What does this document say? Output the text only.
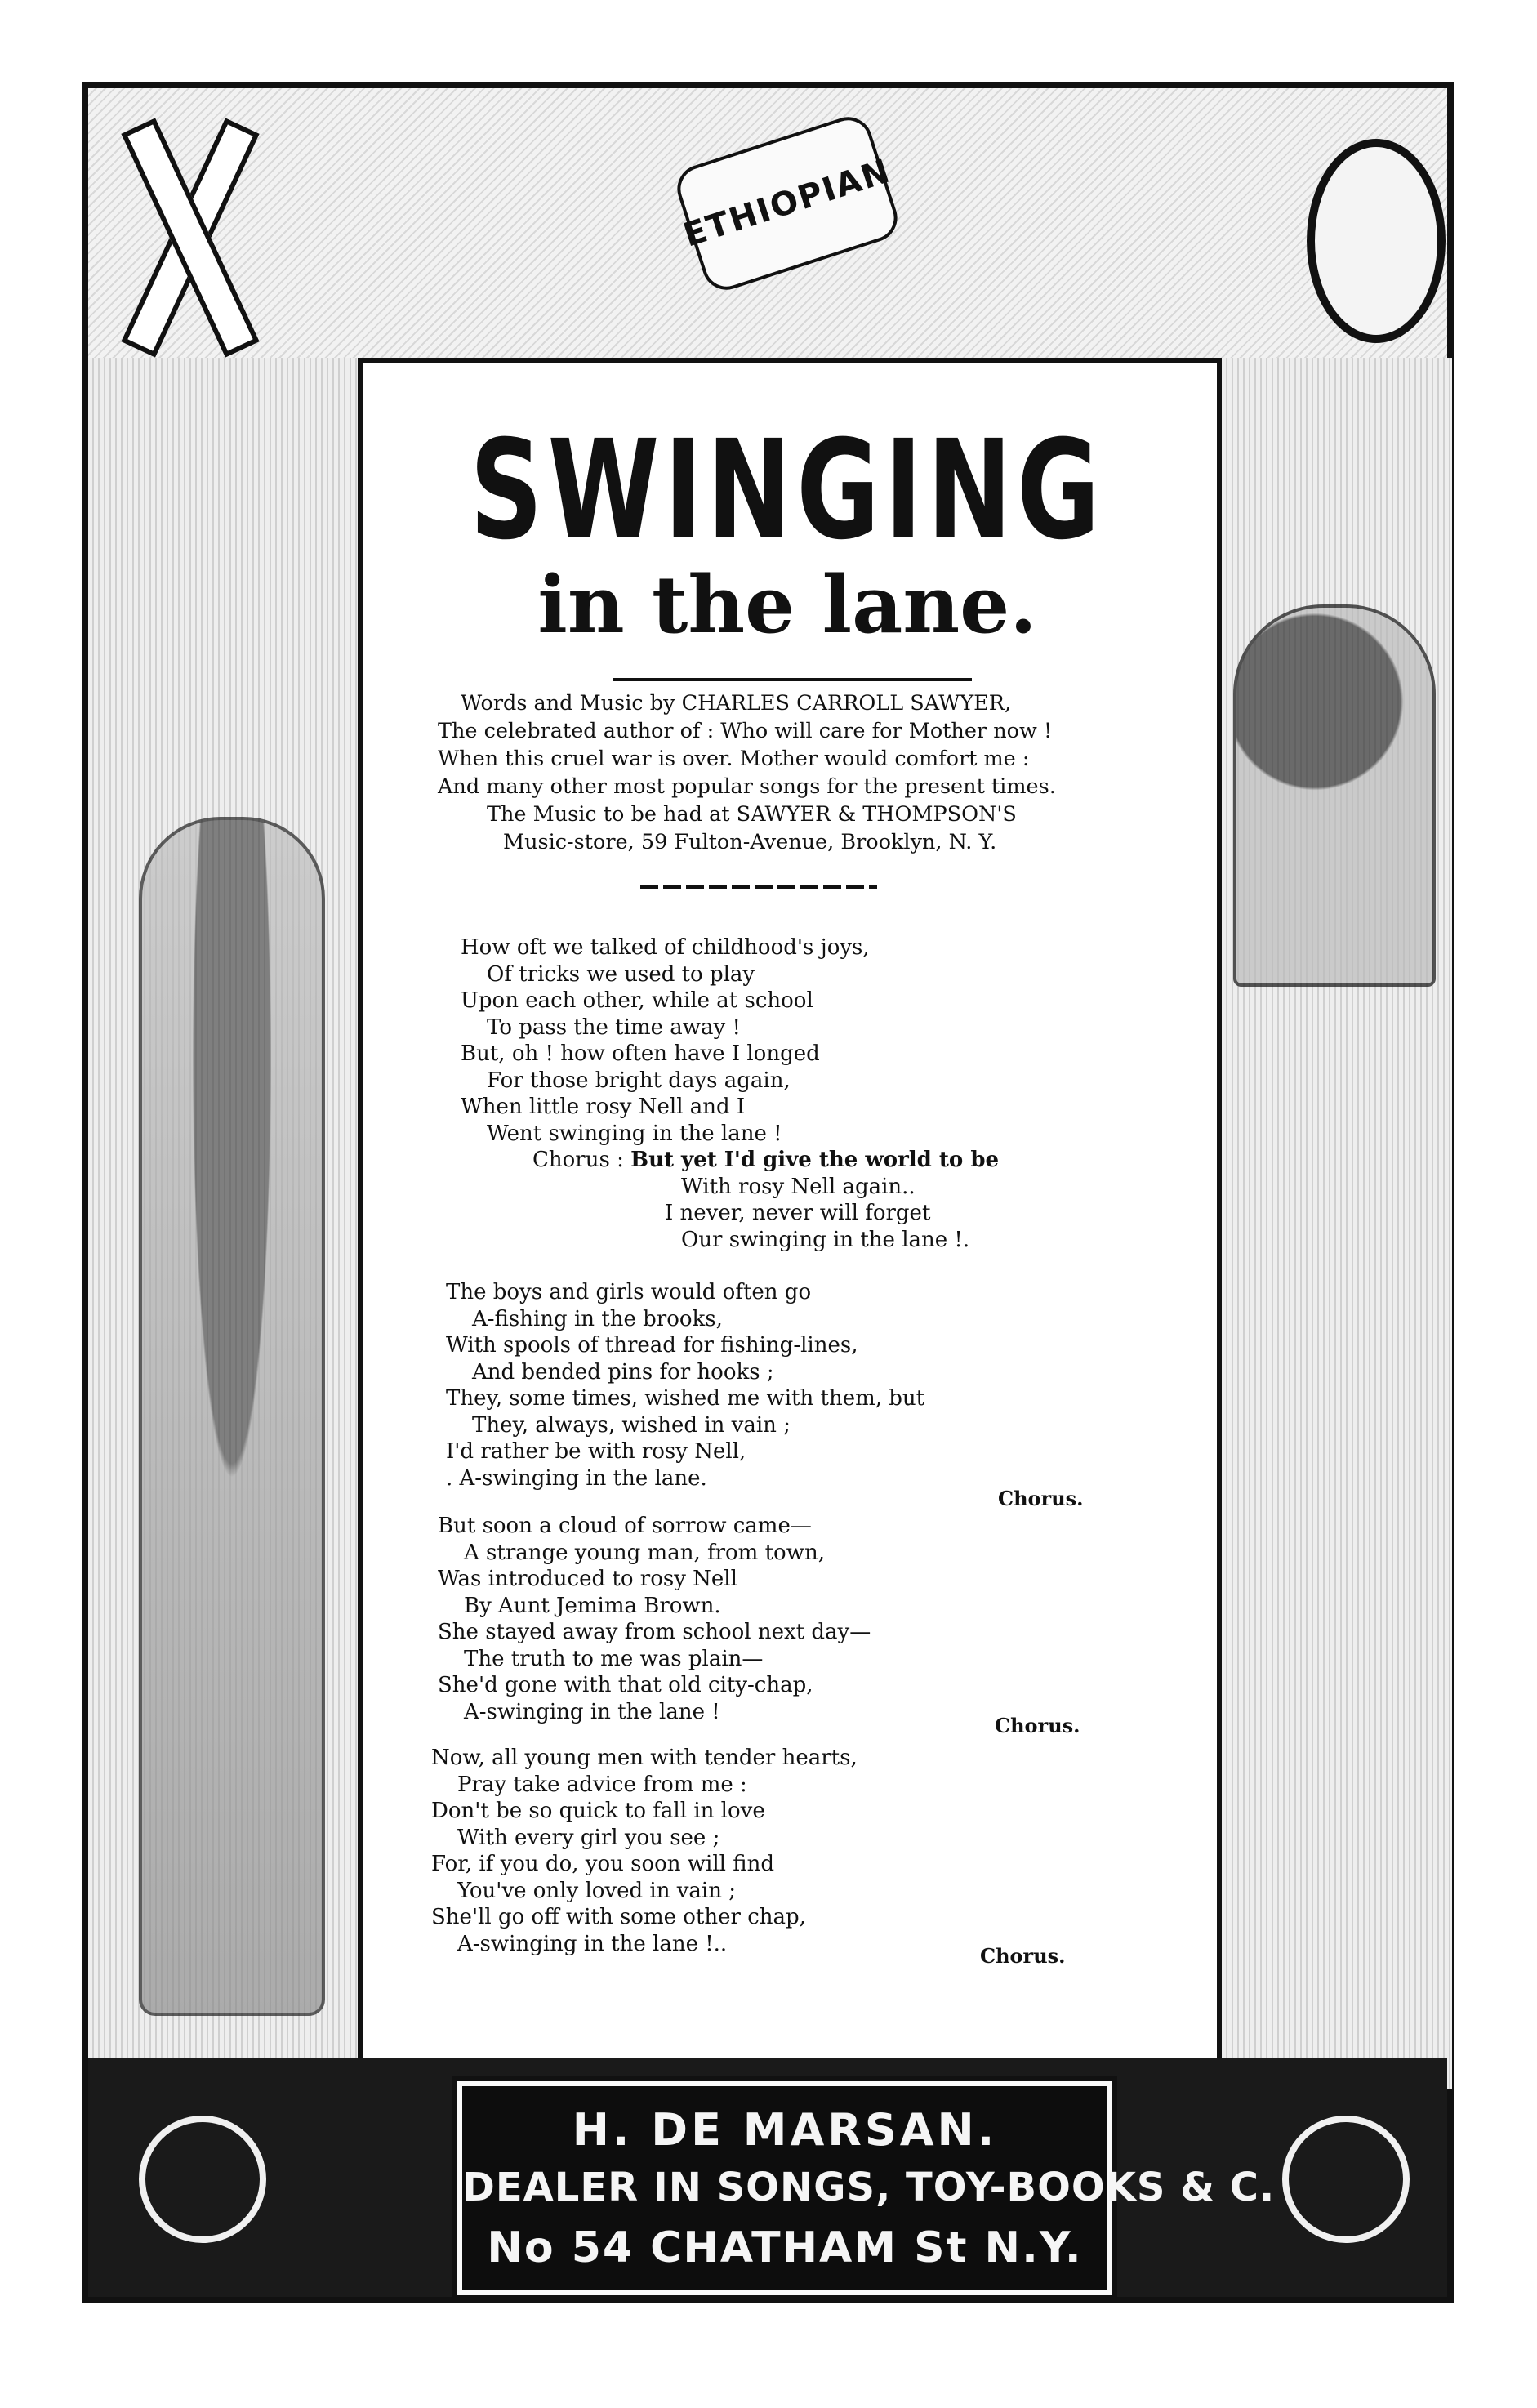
ETHIOPIAN
SWINGING
in the lane.
Words and Music by CHARLES CARROLL SAWYER,
The celebrated author of : Who will care for Mother now !
When this cruel war is over. Mother would comfort me :
And many other most popular songs for the present times.
The Music to be had at SAWYER & THOMPSON'S
Music-store, 59 Fulton-Avenue, Brooklyn, N. Y.
How oft we talked of childhood's joys,
Of tricks we used to play
Upon each other, while at school
To pass the time away !
But, oh ! how often have I longed
For those bright days again,
When little rosy Nell and I
Went swinging in the lane !
Chorus : But yet I'd give the world to be
With rosy Nell again..
I never, never will forget
Our swinging in the lane !.
The boys and girls would often go
A-fishing in the brooks,
With spools of thread for fishing-lines,
And bended pins for hooks ;
They, some times, wished me with them, but
They, always, wished in vain ;
I'd rather be with rosy Nell,
. A-swinging in the lane.
Chorus.
But soon a cloud of sorrow came—
A strange young man, from town,
Was introduced to rosy Nell
By Aunt Jemima Brown.
She stayed away from school next day—
The truth to me was plain—
She'd gone with that old city-chap,
A-swinging in the lane !
Chorus.
Now, all young men with tender hearts,
Pray take advice from me :
Don't be so quick to fall in love
With every girl you see ;
For, if you do, you soon will find
You've only loved in vain ;
She'll go off with some other chap,
A-swinging in the lane !..	Chorus.
H. DE MARSAN.
DEALER IN SONGS, TOY-BOOKS & C.
No 54 CHATHAM St N.Y.
